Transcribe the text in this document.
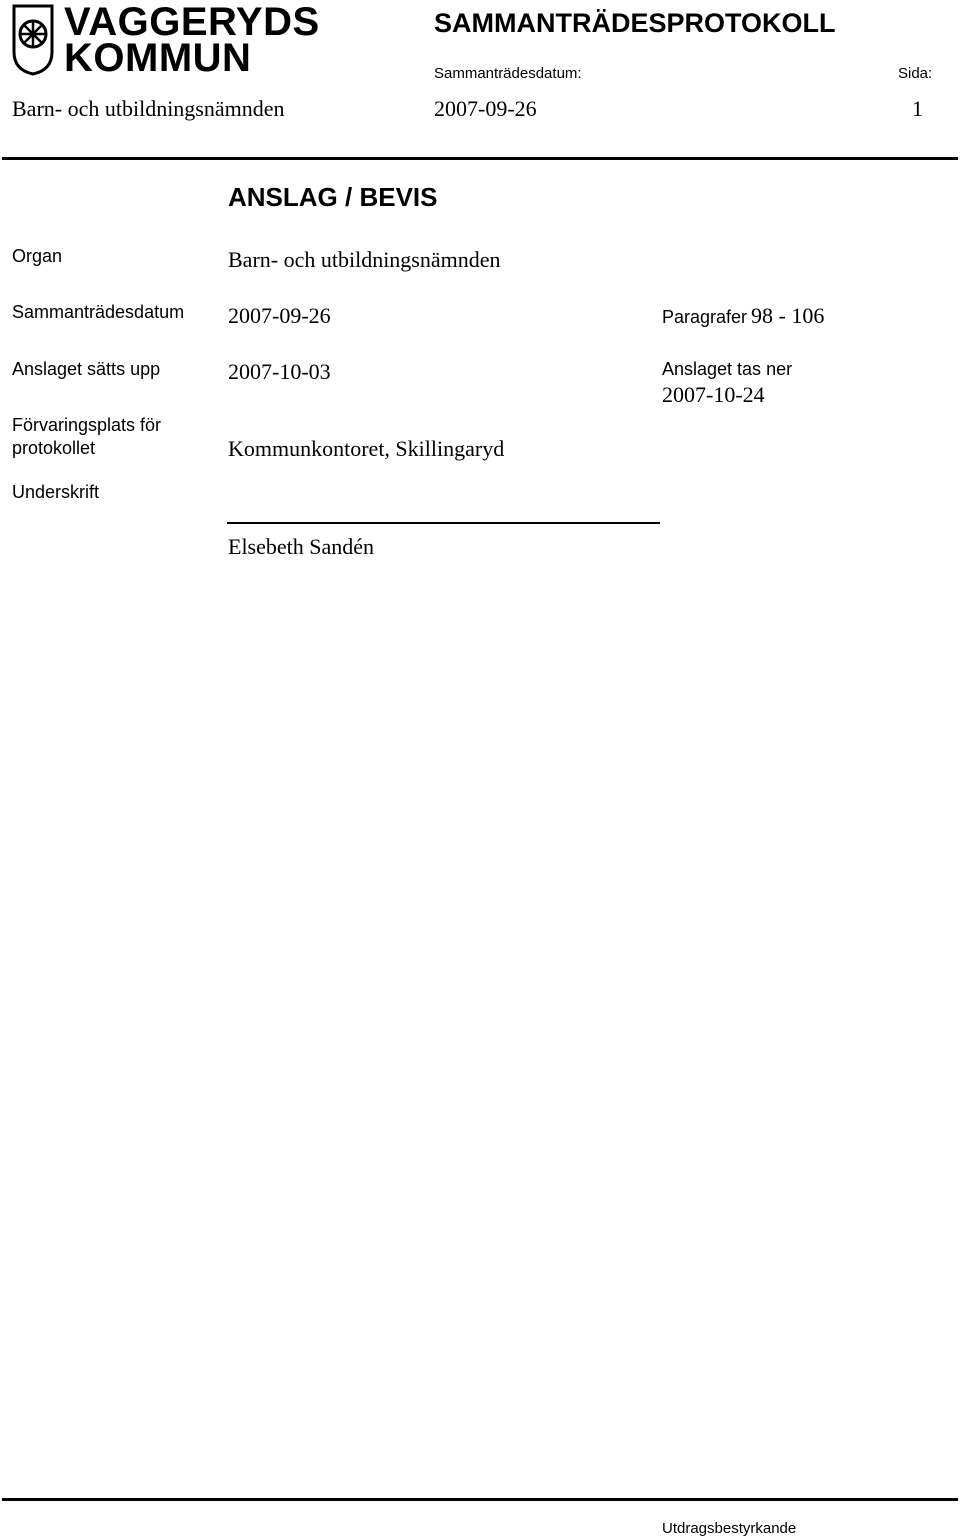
VAGGERYDS
KOMMUN
SAMMANTRÄDESPROTOKOLL
Sammanträdesdatum:	Sida:
Barn- och utbildningsnämnden	2007-09-26	1
ANSLAG / BEVIS
Organ	Barn- och utbildningsnämnden
Sammanträdesdatum 2007-09-26	Paragrafer 98 - 106
Anslaget sätts upp	2007-10-03	Anslaget tas ner
2007-10-24
Förvaringsplats för
protokollet	Kommunkontoret, Skillingaryd
Underskrift
Elsebeth Sandén
Utdragsbestyrkande
